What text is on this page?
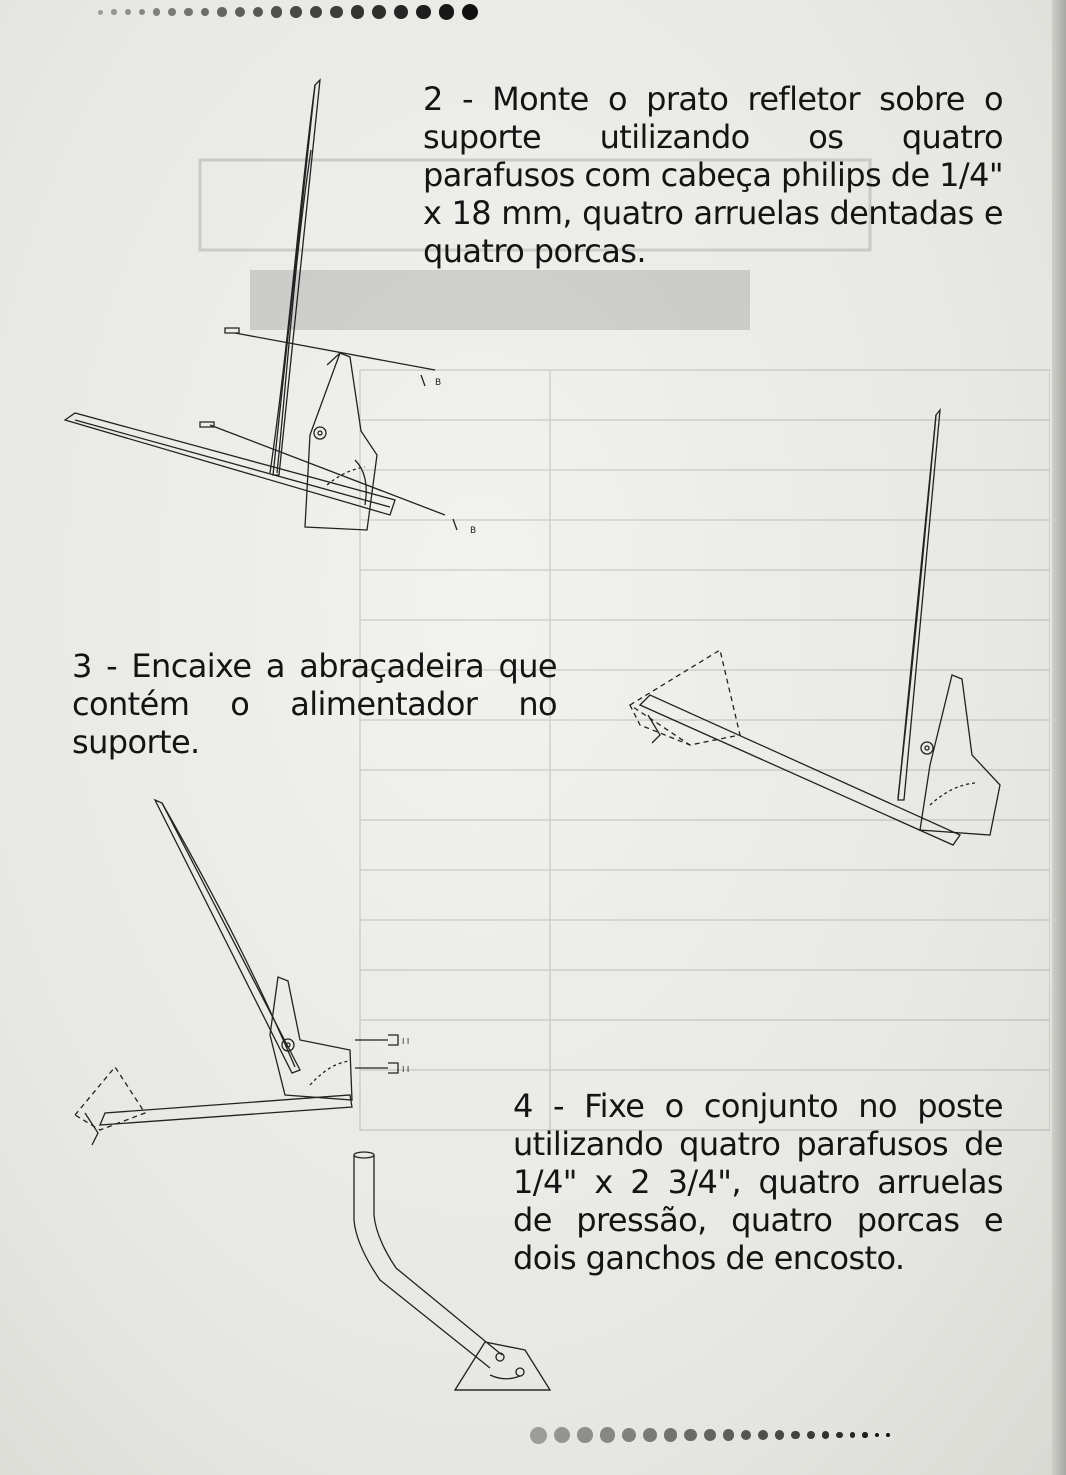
2 - Monte o prato refletor sobre o suporte utilizando os quatro parafusos com cabeça philips de 1/4" x 18 mm, quatro arruelas dentadas e quatro porcas.

B
B

3 - Encaixe a abraçadeira que contém o alimentador no suporte.

I I
I I

4 - Fixe o conjunto no poste utilizando quatro parafusos de 1/4" x 2 3/4", quatro arruelas de pressão, quatro porcas e dois ganchos de encosto.
